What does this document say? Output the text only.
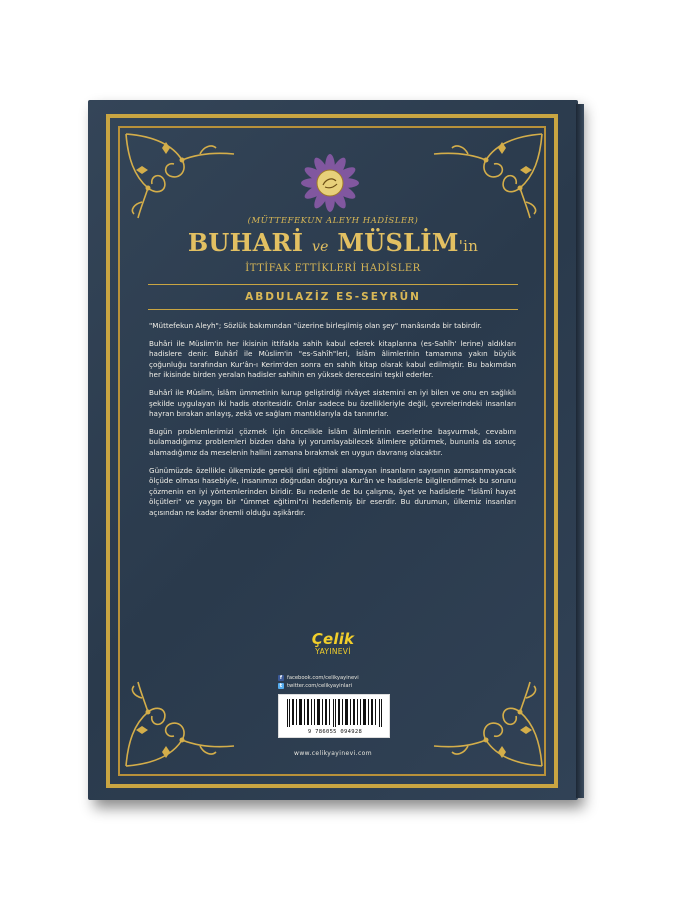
(MÜTTEFEKUN ALEYH HADİSLER)
BUHARİ ve MÜSLİM'in
İTTİFAK ETTİKLERİ HADİSLER
ABDULAZİZ ES-SEYRÛN

"Müttefekun Aleyh"; Sözlük bakımından "üzerine birleşilmiş olan şey" manâsında bir tabirdir.

Buhâri ile Müslim'in her ikisinin ittifakla sahih kabul ederek kitaplarına (es-Sahîh' lerine) aldıkları hadislere denir. Buhârî ile Müslim'in "es-Sahîh"leri, İslâm âlimlerinin tamamına yakın büyük çoğunluğu tarafından Kur'ân-ı Kerim'den sonra en sahih kitap olarak kabul edilmiştir. Bu bakımdan her ikisinde birden yeralan hadisler sahihin en yüksek derecesini teşkil ederler.

Buhârî ile Müslim, İslâm ümmetinin kurup geliştirdiği rivâyet sistemini en iyi bilen ve onu en sağlıklı şekilde uygulayan iki hadis otoritesidir. Onlar sadece bu özellikleriyle değil, çevrelerindeki insanları hayran bırakan anlayış, zekâ ve sağlam mantıklarıyla da tanınırlar.

Bugün problemlerimizi çözmek için öncelikle İslâm âlimlerinin eserlerine başvurmak, cevabını bulamadığımız problemleri bizden daha iyi yorumlayabilecek âlimlere götürmek, bununla da sonuç alamadığımız da meselenin hallini zamana bırakmak en uygun davranış olacaktır.

Günümüzde özellikle ülkemizde gerekli dini eğitimi alamayan insanların sayısının azımsanmayacak ölçüde olması hasebiyle, insanımızı doğrudan doğruya Kur'ân ve hadislerle bilgilendirmek bu sorunu çözmenin en iyi yöntemlerinden biridir. Bu nedenle de bu çalışma, âyet ve hadislerle "İslâmî hayat ölçütleri" ve yaygın bir "ümmet eğitimi"ni hedeflemiş bir eserdir. Bu durumun, ülkemiz insanları açısından ne kadar önemli olduğu aşikârdır.

Çelik
YAYINEVİ
f facebook.com/celikyayinevi
t twitter.com/celikyayinlari
9 786055 094928
www.celikyayinevi.com
